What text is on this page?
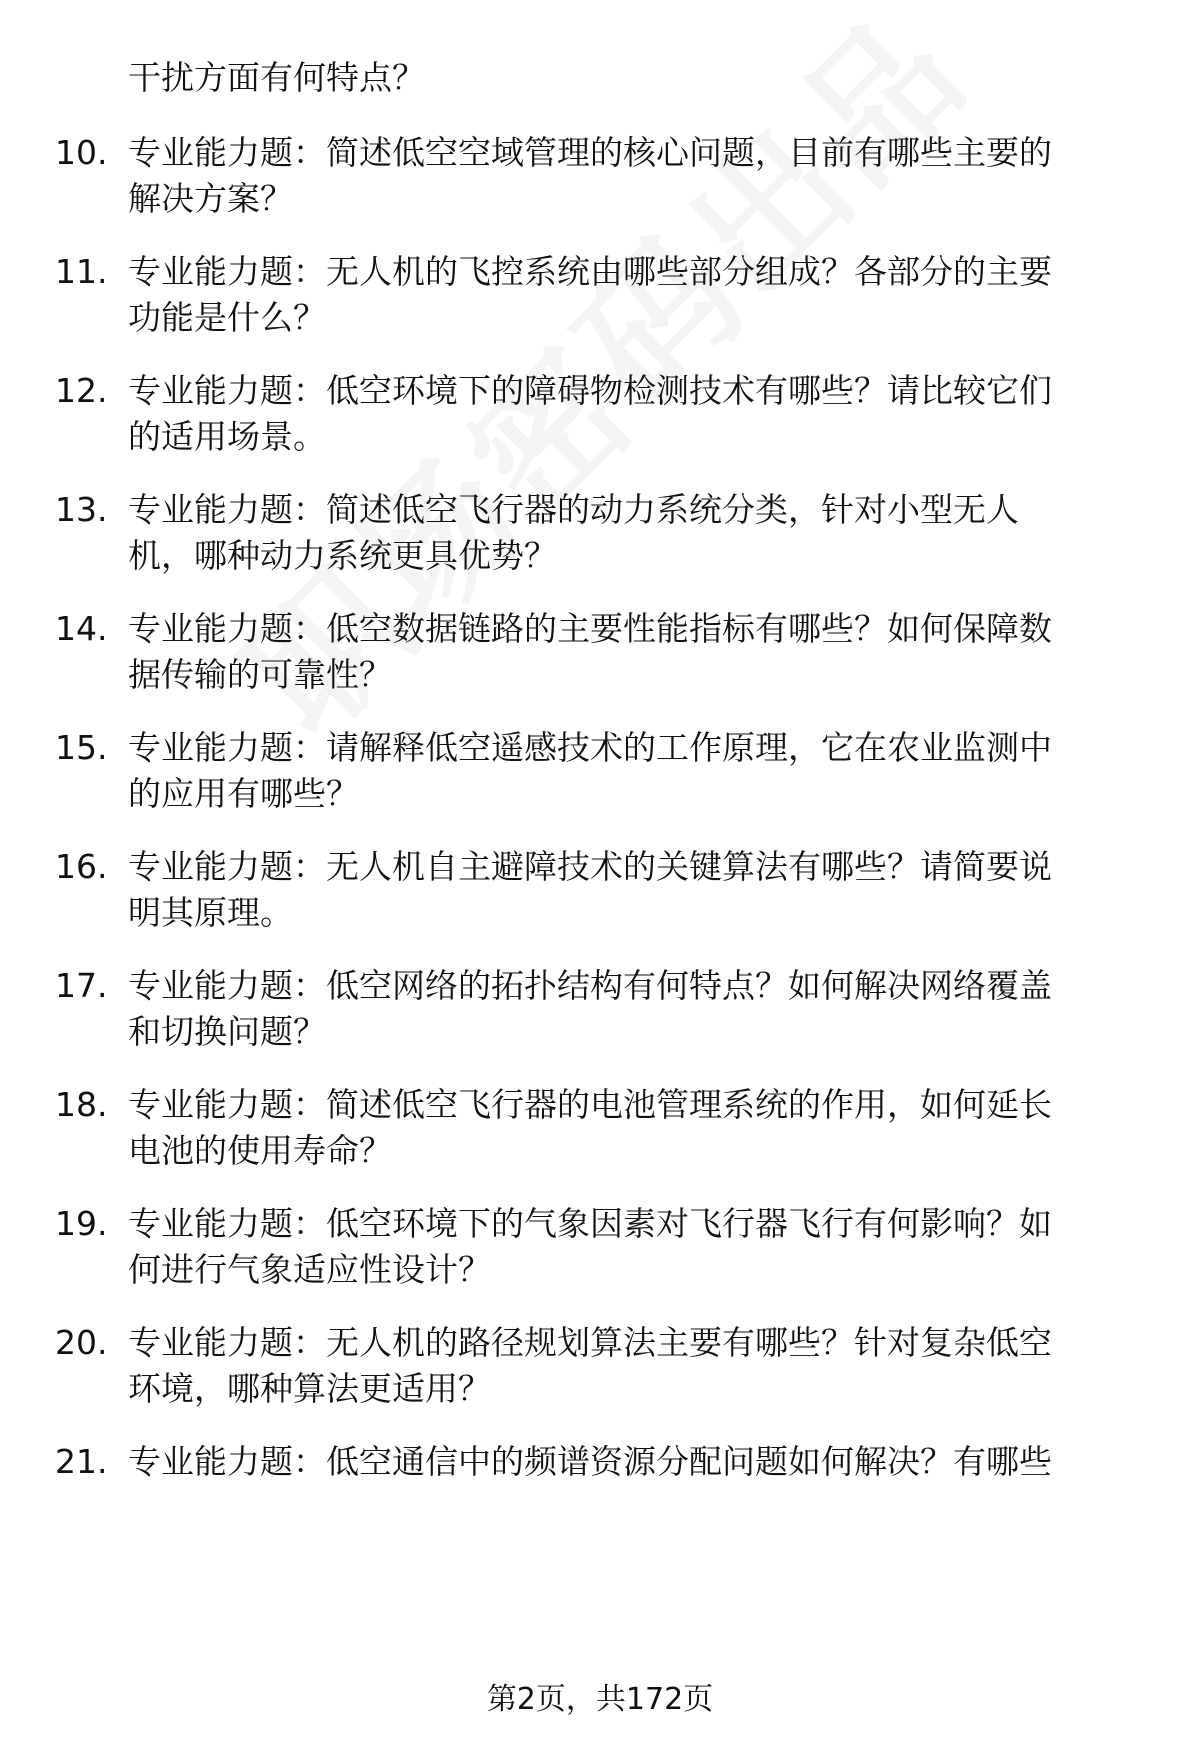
干扰方面有何特点？
10. 专业能力题：简述低空空域管理的核心问题，目前有哪些主要的
解决方案？
11. 专业能力题：无人机的飞控系统由哪些部分组成？各部分的主要
功能是什么？
12. 专业能力题：低空环境下的障碍物检测技术有哪些？请比较它们
的适用场景。
13. 专业能力题：简述低空飞行器的动力系统分类，针对小型无人
机，哪种动力系统更具优势？
14. 专业能力题：低空数据链路的主要性能指标有哪些？如何保障数
据传输的可靠性？
15. 专业能力题：请解释低空遥感技术的工作原理，它在农业监测中
的应用有哪些？
16. 专业能力题：无人机自主避障技术的关键算法有哪些？请简要说
明其原理。
17. 专业能力题：低空网络的拓扑结构有何特点？如何解决网络覆盖
和切换问题？
18. 专业能力题：简述低空飞行器的电池管理系统的作用，如何延长
电池的使用寿命？
19. 专业能力题：低空环境下的气象因素对飞行器飞行有何影响？如
何进行气象适应性设计？
20. 专业能力题：无人机的路径规划算法主要有哪些？针对复杂低空
环境，哪种算法更适用？
21. 专业能力题：低空通信中的频谱资源分配问题如何解决？有哪些
第2页，共172页
